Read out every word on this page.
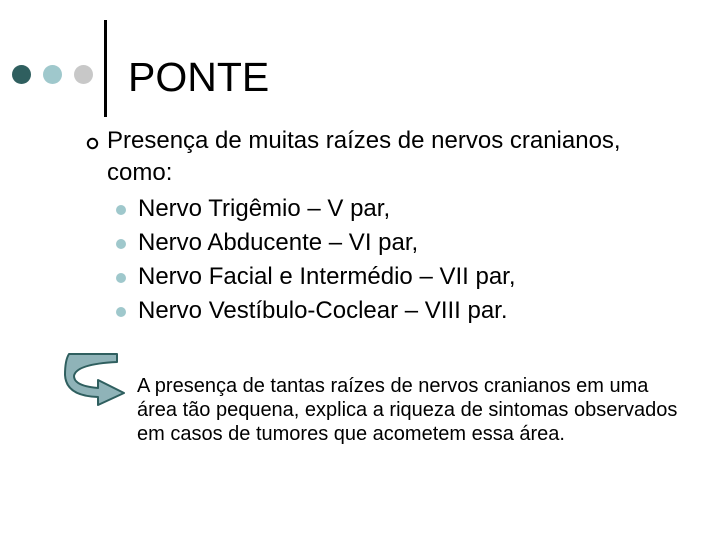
PONTE

Presença de muitas raízes de nervos cranianos, como:

Nervo Trigêmio – V par,
Nervo Abducente – VI par,
Nervo Facial e Intermédio – VII par,
Nervo Vestíbulo-Coclear – VIII par.

A presença de tantas raízes de nervos cranianos em uma área tão pequena, explica a riqueza de sintomas observados em casos de tumores que acometem essa área.
